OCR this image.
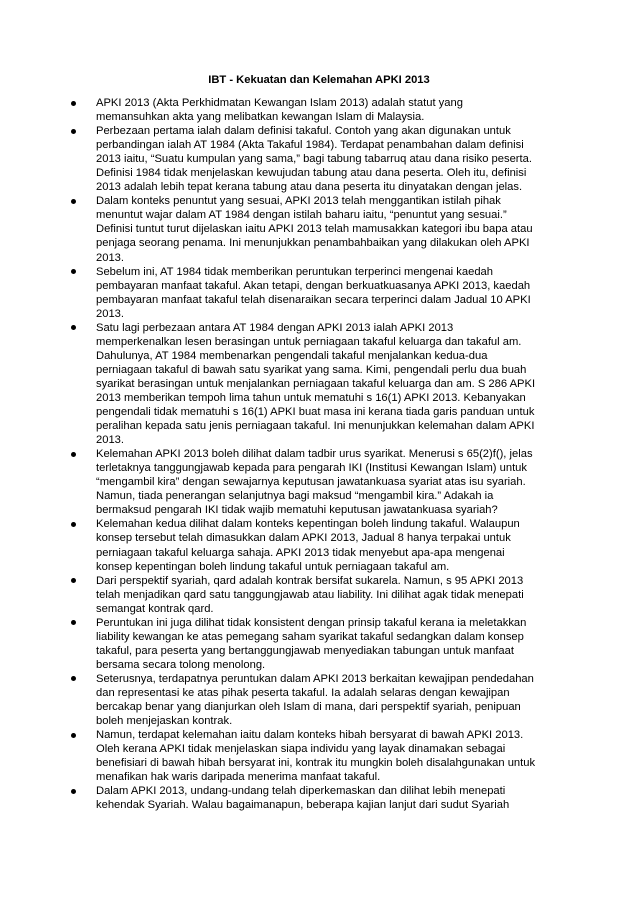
IBT - Kekuatan dan Kelemahan APKI 2013
APKI 2013 (Akta Perkhidmatan Kewangan Islam 2013) adalah statut yang
memansuhkan akta yang melibatkan kewangan Islam di Malaysia.
Perbezaan pertama ialah dalam definisi takaful. Contoh yang akan digunakan untuk
perbandingan ialah AT 1984 (Akta Takaful 1984). Terdapat penambahan dalam definisi
2013 iaitu, “Suatu kumpulan yang sama,” bagi tabung tabarruq atau dana risiko peserta.
Definisi 1984 tidak menjelaskan kewujudan tabung atau dana peserta. Oleh itu, definisi
2013 adalah lebih tepat kerana tabung atau dana peserta itu dinyatakan dengan jelas.
Dalam konteks penuntut yang sesuai, APKI 2013 telah menggantikan istilah pihak
menuntut wajar dalam AT 1984 dengan istilah baharu iaitu, “penuntut yang sesuai.”
Definisi tuntut turut dijelaskan iaitu APKI 2013 telah mamusakkan kategori ibu bapa atau
penjaga seorang penama. Ini menunjukkan penambahbaikan yang dilakukan oleh APKI
2013.
Sebelum ini, AT 1984 tidak memberikan peruntukan terperinci mengenai kaedah
pembayaran manfaat takaful. Akan tetapi, dengan berkuatkuasanya APKI 2013, kaedah
pembayaran manfaat takaful telah disenaraikan secara terperinci dalam Jadual 10 APKI
2013.
Satu lagi perbezaan antara AT 1984 dengan APKI 2013 ialah APKI 2013
memperkenalkan lesen berasingan untuk perniagaan takaful keluarga dan takaful am.
Dahulunya, AT 1984 membenarkan pengendali takaful menjalankan kedua-dua
perniagaan takaful di bawah satu syarikat yang sama. Kimi, pengendali perlu dua buah
syarikat berasingan untuk menjalankan perniagaan takaful keluarga dan am. S 286 APKI
2013 memberikan tempoh lima tahun untuk mematuhi s 16(1) APKI 2013. Kebanyakan
pengendali tidak mematuhi s 16(1) APKI buat masa ini kerana tiada garis panduan untuk
peralihan kepada satu jenis perniagaan takaful. Ini menunjukkan kelemahan dalam APKI
2013.
Kelemahan APKI 2013 boleh dilihat dalam tadbir urus syarikat. Menerusi s 65(2)f(), jelas
terletaknya tanggungjawab kepada para pengarah IKI (Institusi Kewangan Islam) untuk
“mengambil kira” dengan sewajarnya keputusan jawatankuasa syariat atas isu syariah.
Namun, tiada penerangan selanjutnya bagi maksud “mengambil kira.” Adakah ia
bermaksud pengarah IKI tidak wajib mematuhi keputusan jawatankuasa syariah?
Kelemahan kedua dilihat dalam konteks kepentingan boleh lindung takaful. Walaupun
konsep tersebut telah dimasukkan dalam APKI 2013, Jadual 8 hanya terpakai untuk
perniagaan takaful keluarga sahaja. APKI 2013 tidak menyebut apa-apa mengenai
konsep kepentingan boleh lindung takaful untuk perniagaan takaful am.
Dari perspektif syariah, qard adalah kontrak bersifat sukarela. Namun, s 95 APKI 2013
telah menjadikan qard satu tanggungjawab atau liability. Ini dilihat agak tidak menepati
semangat kontrak qard.
Peruntukan ini juga dilihat tidak konsistent dengan prinsip takaful kerana ia meletakkan
liability kewangan ke atas pemegang saham syarikat takaful sedangkan dalam konsep
takaful, para peserta yang bertanggungjawab menyediakan tabungan untuk manfaat
bersama secara tolong menolong.
Seterusnya, terdapatnya peruntukan dalam APKI 2013 berkaitan kewajipan pendedahan
dan representasi ke atas pihak peserta takaful. Ia adalah selaras dengan kewajipan
bercakap benar yang dianjurkan oleh Islam di mana, dari perspektif syariah, penipuan
boleh menjejaskan kontrak.
Namun, terdapat kelemahan iaitu dalam konteks hibah bersyarat di bawah APKI 2013.
Oleh kerana APKI tidak menjelaskan siapa individu yang layak dinamakan sebagai
benefisiari di bawah hibah bersyarat ini, kontrak itu mungkin boleh disalahgunakan untuk
menafikan hak waris daripada menerima manfaat takaful.
Dalam APKI 2013, undang-undang telah diperkemaskan dan dilihat lebih menepati
kehendak Syariah. Walau bagaimanapun, beberapa kajian lanjut dari sudut Syariah
